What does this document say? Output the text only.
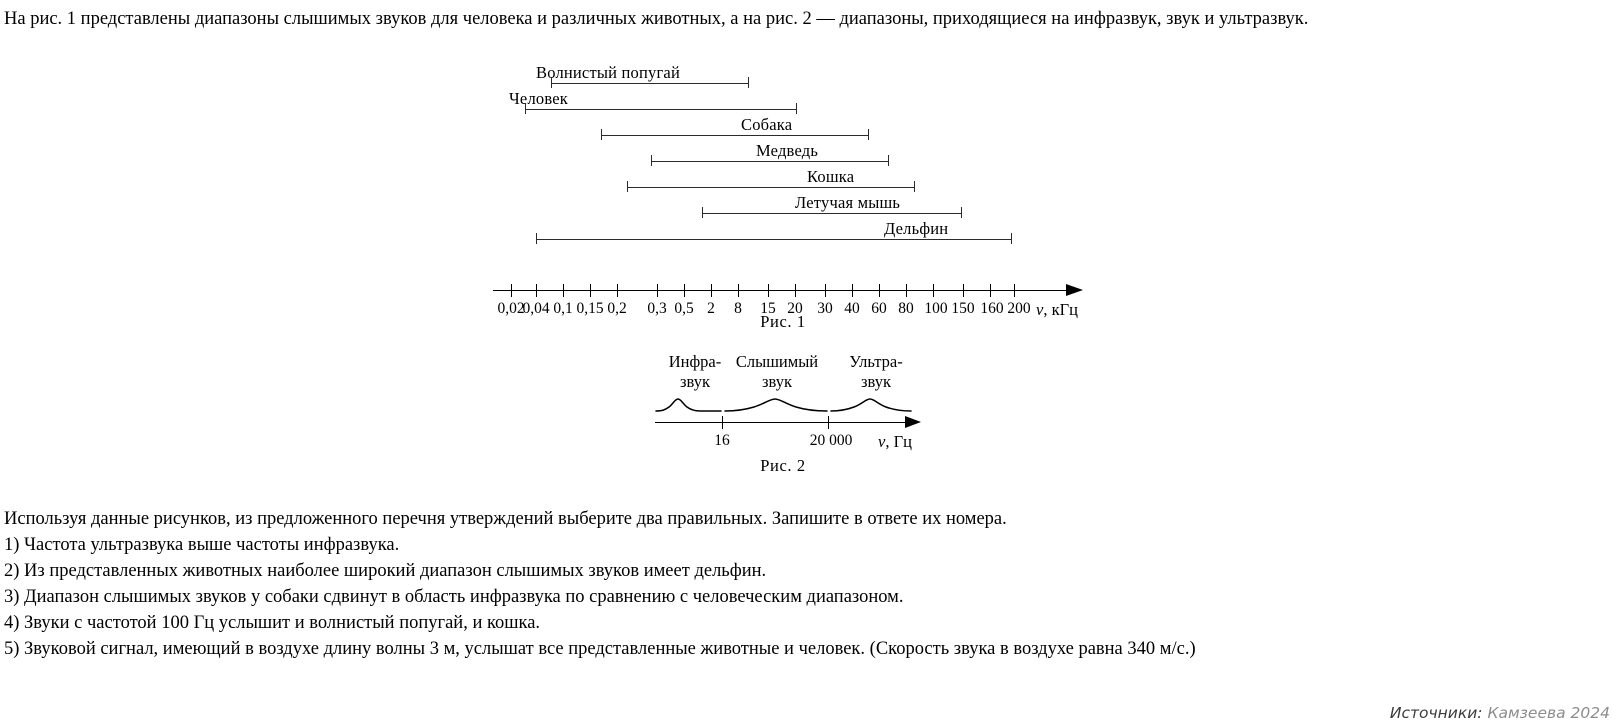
На рис. 1 представлены диапазоны слышимых звуков для человека и различных животных, а на рис. 2 — диапазоны, приходящиеся на инфразвук, звук и ультразвук.
Волнистый попугай
Человек
Собака
Медведь
Кошка
Летучая мышь
Дельфин
0,02
0,04 0,1 0,15 0,2 0,3 0,5 2 8 15 20 30 40 60 80 100 150 160 200 ν, кГц
Рис. 1
Инфра-
звук
Слышимый
звук
Ультра-
звук
16	20 000 ν, Гц
Рис. 2
Используя данные рисунков, из предложенного перечня утверждений выберите два правильных. Запишите в ответе их номера.
1) Частота ультразвука выше частоты инфразвука.
2) Из представленных животных наиболее широкий диапазон слышимых звуков имеет дельфин.
3) Диапазон слышимых звуков у собаки сдвинут в область инфразвука по сравнению с человеческим диапазоном.
4) Звуки с частотой 100 Гц услышит и волнистый попугай, и кошка.
5) Звуковой сигнал, имеющий в воздухе длину волны 3 м, услышат все представленные животные и человек. (Скорость звука в воздухе равна 340 м/с.)
Источники: Камзеева 2024
